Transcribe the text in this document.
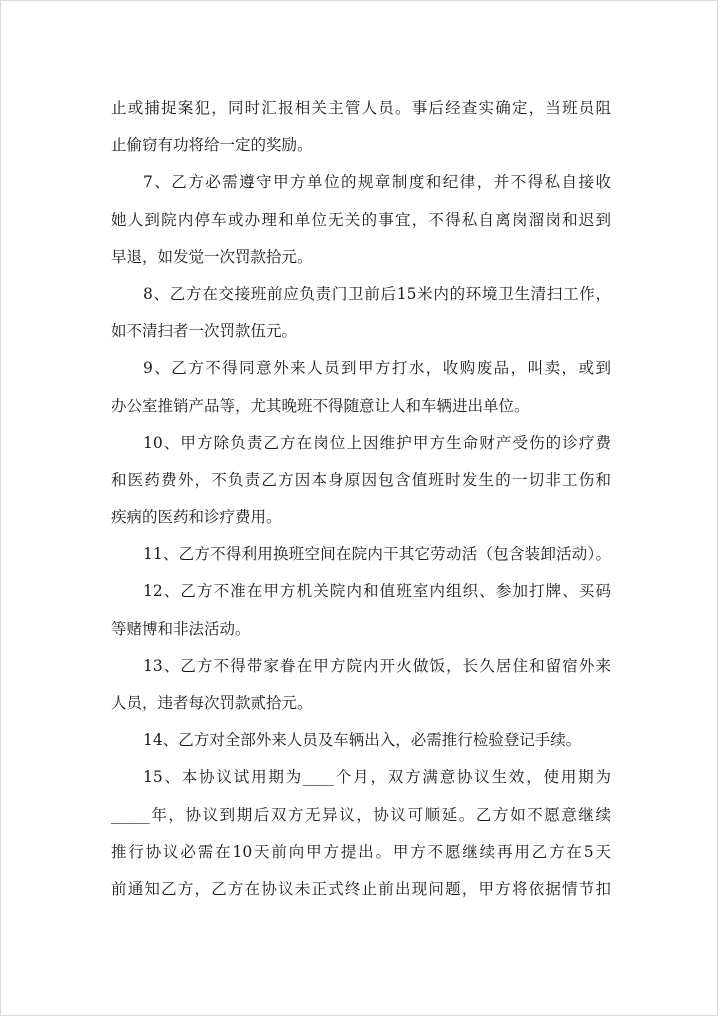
止或捕捉案犯，同时汇报相关主管人员。事后经查实确定，当班员阻
止偷窃有功将给一定的奖励。
7、乙方必需遵守甲方单位的规章制度和纪律，并不得私自接收
她人到院内停车或办理和单位无关的事宜，不得私自离岗溜岗和迟到
早退，如发觉一次罚款拾元。
8、乙方在交接班前应负责门卫前后15米内的环境卫生清扫工作，
如不清扫者一次罚款伍元。
9、乙方不得同意外来人员到甲方打水，收购废品，叫卖，或到
办公室推销产品等，尤其晚班不得随意让人和车辆进出单位。
10、甲方除负责乙方在岗位上因维护甲方生命财产受伤的诊疗费
和医药费外，不负责乙方因本身原因包含值班时发生的一切非工伤和
疾病的医药和诊疗费用。
11、乙方不得利用换班空间在院内干其它劳动活（包含装卸活动）。
12、乙方不准在甲方机关院内和值班室内组织、参加打牌、买码
等赌博和非法活动。
13、乙方不得带家眷在甲方院内开火做饭，长久居住和留宿外来
人员，违者每次罚款贰拾元。
14、乙方对全部外来人员及车辆出入，必需推行检验登记手续。
15、本协议试用期为____个月，双方满意协议生效，使用期为
_____年，协议到期后双方无异议，协议可顺延。乙方如不愿意继续
推行协议必需在10天前向甲方提出。甲方不愿继续再用乙方在5天
前通知乙方，乙方在协议未正式终止前出现问题，甲方将依据情节扣
